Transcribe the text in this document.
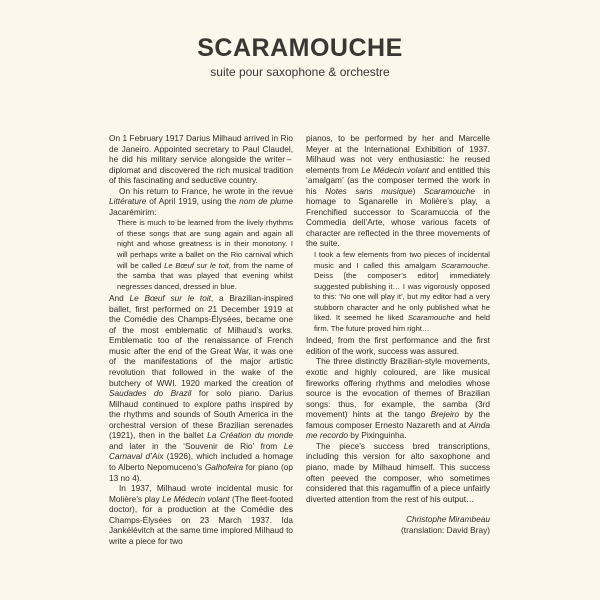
SCARAMOUCHE
suite pour saxophone & orchestre

On 1 February 1917 Darius Milhaud arrived in Rio de Janeiro. Appointed secretary to Paul Claudel, he did his military service alongside the writer – diplomat and discovered the rich musical tradition of this fascinating and seductive country.

On his return to France, he wrote in the revue Littérature of April 1919, using the nom de plume Jacarémirim:

There is much to be learned from the lively rhythms of these songs that are sung again and again all night and whose greatness is in their monotony. I will perhaps write a ballet on the Rio carnival which will be called Le Bœuf sur le toit, from the name of the samba that was played that evening whilst negresses danced, dressed in blue.

And Le Bœuf sur le toit, a Brazilian-inspired ballet, first performed on 21 December 1919 at the Comédie des Champs-Élysées, became one of the most emblematic of Milhaud’s works. Emblematic too of the renaissance of French music after the end of the Great War, it was one of the manifestations of the major artistic revolution that followed in the wake of the butchery of WWI. 1920 marked the creation of Saudades do Brazil for solo piano. Darius Milhaud continued to explore paths inspired by the rhythms and sounds of South America in the orchestral version of these Brazilian serenades (1921), then in the ballet La Création du monde and later in the ‘Souvenir de Rio’ from Le Carnaval d’Aix (1926), which included a homage to Alberto Nepomuceno’s Galhofeira for piano (op 13 no 4).

In 1937, Milhaud wrote incidental music for Molière’s play Le Médecin volant (The fleet-footed doctor), for a production at the Comédie des Champs-Élysées on 23 March 1937. Ida Jankélévitch at the same time implored Milhaud to write a piece for two

pianos, to be performed by her and Marcelle Meyer at the International Exhibition of 1937. Milhaud was not very enthusiastic: he reused elements from Le Médecin volant and entitled this ‘amalgam’ (as the composer termed the work in his Notes sans musique) Scaramouche in homage to Sganarelle in Molière’s play, a Frenchified successor to Scaramuccia of the Commedia dell’Arte, whose various facets of character are reflected in the three movements of the suite.

I took a few elements from two pieces of incidental music and I called this amalgam Scaramouche. Deiss [the composer’s editor] immediately suggested publishing it… I was vigorously opposed to this: ‘No one will play it’, but my editor had a very stubborn character and he only published what he liked. It seemed he liked Scaramouche and held firm. The future proved him right…

Indeed, from the first performance and the first edition of the work, success was assured.

The three distinctly Brazilian-style movements, exotic and highly coloured, are like musical fireworks offering rhythms and melodies whose source is the evocation of themes of Brazilian songs: thus, for example, the samba (3rd movement) hints at the tango Brejeiro by the famous composer Ernesto Nazareth and at Ainda me recordo by Pixinguinha.

The piece’s success bred transcriptions, including this version for alto saxophone and piano, made by Milhaud himself. This success often peeved the composer, who sometimes considered that this ragamuffin of a piece unfairly diverted attention from the rest of his output…

Christophe Mirambeau
(translation: David Bray)
